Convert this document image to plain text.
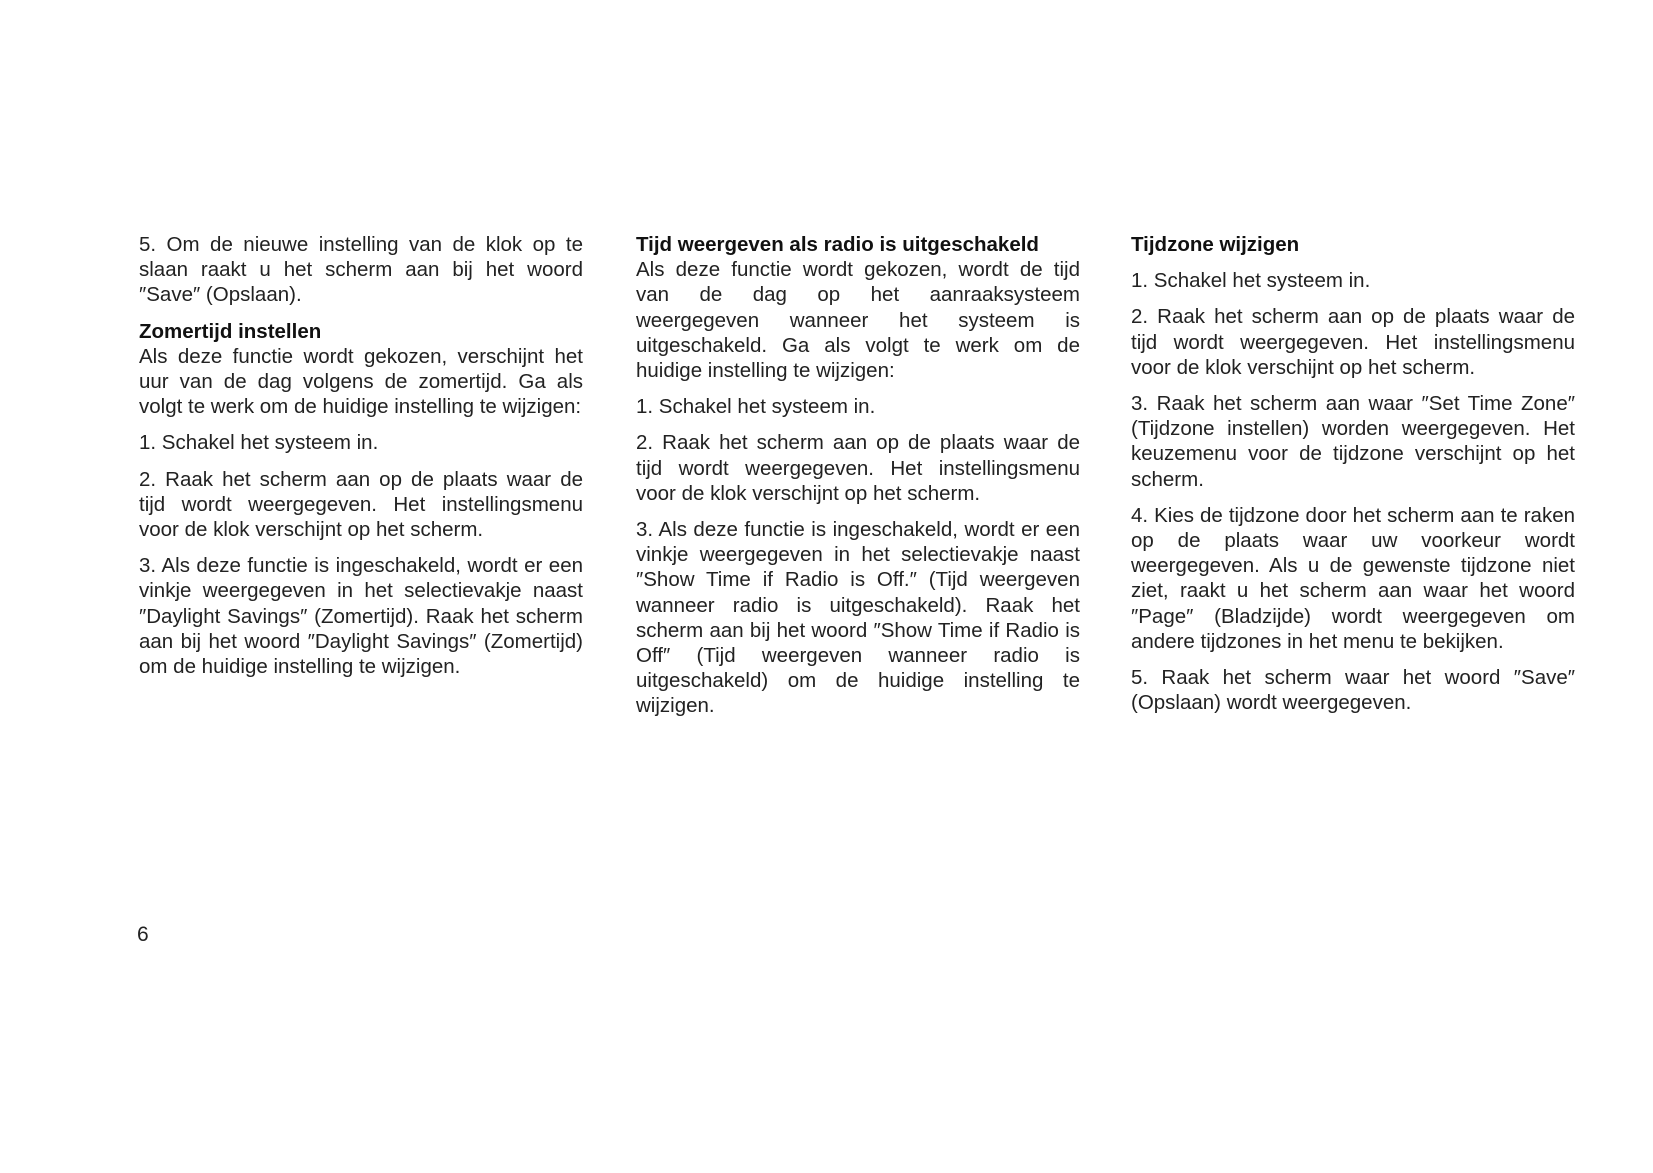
5. Om de nieuwe instelling van de klok op te slaan raakt u het scherm aan bij het woord ″Save″ (Opslaan).

Zomertijd instellen

Als deze functie wordt gekozen, verschijnt het uur van de dag volgens de zomertijd. Ga als volgt te werk om de huidige instelling te wijzigen:

1. Schakel het systeem in.

2. Raak het scherm aan op de plaats waar de tijd wordt weergegeven. Het instellingsmenu voor de klok verschijnt op het scherm.

3. Als deze functie is ingeschakeld, wordt er een vinkje weergegeven in het selectievakje naast ″Daylight Savings″ (Zomertijd). Raak het scherm aan bij het woord ″Daylight Savings″ (Zomertijd) om de huidige instelling te wijzigen.

Tijd weergeven als radio is uitgeschakeld

Als deze functie wordt gekozen, wordt de tijd van de dag op het aanraaksysteem weergegeven wanneer het systeem is uitgeschakeld. Ga als volgt te werk om de huidige instelling te wijzigen:

1. Schakel het systeem in.

2. Raak het scherm aan op de plaats waar de tijd wordt weergegeven. Het instellingsmenu voor de klok verschijnt op het scherm.

3. Als deze functie is ingeschakeld, wordt er een vinkje weergegeven in het selectievakje naast ″Show Time if Radio is Off.″ (Tijd weergeven wanneer radio is uitgeschakeld). Raak het scherm aan bij het woord ″Show Time if Radio is Off″ (Tijd weergeven wanneer radio is uitgeschakeld) om de huidige instelling te wijzigen.

Tijdzone wijzigen

1. Schakel het systeem in.

2. Raak het scherm aan op de plaats waar de tijd wordt weergegeven. Het instellingsmenu voor de klok verschijnt op het scherm.

3. Raak het scherm aan waar ″Set Time Zone″ (Tijdzone instellen) worden weergegeven. Het keuzemenu voor de tijdzone verschijnt op het scherm.

4. Kies de tijdzone door het scherm aan te raken op de plaats waar uw voorkeur wordt weergegeven. Als u de gewenste tijdzone niet ziet, raakt u het scherm aan waar het woord ″Page″ (Bladzijde) wordt weergegeven om andere tijdzones in het menu te bekijken.

5. Raak het scherm waar het woord ″Save″ (Opslaan) wordt weergegeven.

6
